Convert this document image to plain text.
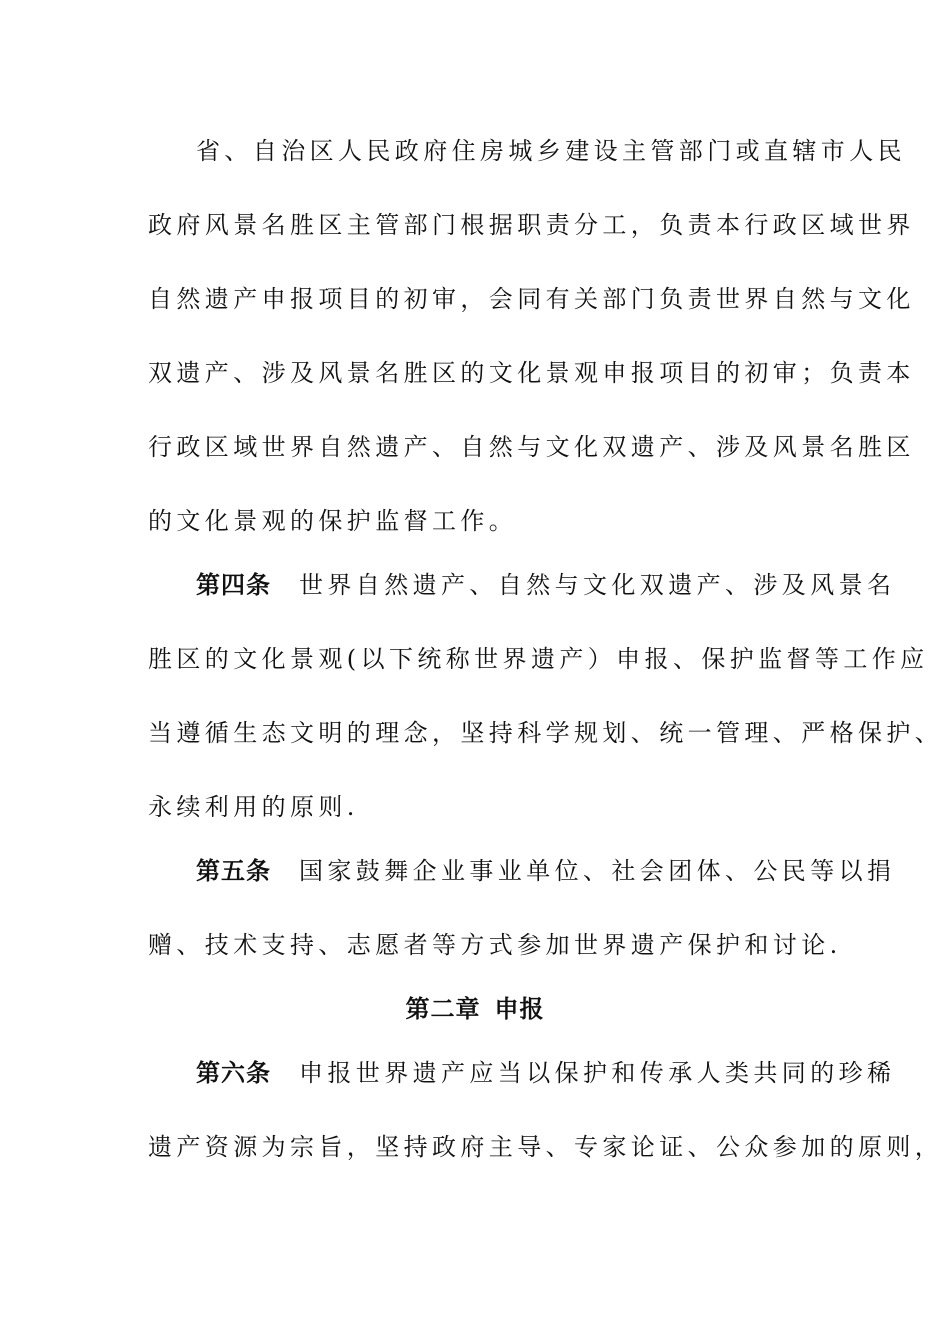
省、自治区人民政府住房城乡建设主管部门或直辖市人民
政府风景名胜区主管部门根据职责分工，负责本行政区域世界
自然遗产申报项目的初审，会同有关部门负责世界自然与文化
双遗产、涉及风景名胜区的文化景观申报项目的初审；负责本
行政区域世界自然遗产、自然与文化双遗产、涉及风景名胜区
的文化景观的保护监督工作。
第四条 世界自然遗产、自然与文化双遗产、涉及风景名
胜区的文化景观(以下统称世界遗产）申报、保护监督等工作应
当遵循生态文明的理念，坚持科学规划、统一管理、严格保护、
永续利用的原则.
第五条 国家鼓舞企业事业单位、社会团体、公民等以捐
赠、技术支持、志愿者等方式参加世界遗产保护和讨论.
第二章 申报
第六条 申报世界遗产应当以保护和传承人类共同的珍稀
遗产资源为宗旨，坚持政府主导、专家论证、公众参加的原则，
